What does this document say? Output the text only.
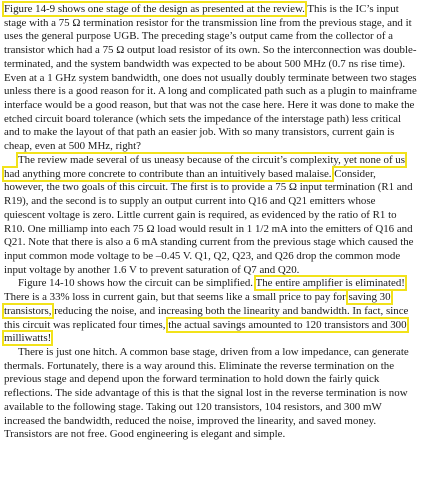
Figure 14-9 shows one stage of the design as presented at the review. This is the IC’s input stage with a 75 Ω termination resistor for the transmission line from the previous stage, and it uses the general purpose UGB. The preceding stage’s output came from the collector of a transistor which had a 75 Ω output load resistor of its own. So the interconnection was double-terminated, and the system bandwidth was expected to be about 500 MHz (0.7 ns rise time). Even at a 1 GHz system bandwidth, one does not usually doubly terminate between two stages unless there is a good reason for it. A long and complicated path such as a plugin to mainframe interface would be a good reason, but that was not the case here. Here it was done to make the etched circuit board tolerance (which sets the impedance of the interstage path) less critical and to make the layout of that path an easier job. With so many transistors, current gain is cheap, even at 500 MHz, right?

The review made several of us uneasy because of the circuit’s complexity, yet none of us had anything more concrete to contribute than an intuitively based malaise. Consider, however, the two goals of this circuit. The first is to provide a 75 Ω input termination (R1 and R19), and the second is to supply an output current into Q16 and Q21 emitters whose quiescent voltage is zero. Little current gain is required, as evidenced by the ratio of R1 to R10. One milliamp into each 75 Ω load would result in 1 1/2 mA into the emitters of Q16 and Q21. Note that there is also a 6 mA standing current from the previous stage which caused the input common mode voltage to be –0.45 V. Q1, Q2, Q23, and Q26 drop the common mode input voltage by another 1.6 V to prevent saturation of Q7 and Q20.

Figure 14-10 shows how the circuit can be simplified. The entire amplifier is eliminated! There is a 33% loss in current gain, but that seems like a small price to pay for saving 30 transistors, reducing the noise, and increasing both the linearity and bandwidth. In fact, since this circuit was replicated four times, the actual savings amounted to 120 transistors and 300 milliwatts!

There is just one hitch. A common base stage, driven from a low impedance, can generate thermals. Fortunately, there is a way around this. Eliminate the reverse termination on the previous stage and depend upon the forward termination to hold down the fairly quick reflections. The side advantage of this is that the signal lost in the reverse termination is now available to the following stage. Taking out 120 transistors, 104 resistors, and 300 mW increased the bandwidth, reduced the noise, improved the linearity, and saved money. Transistors are not free. Good engineering is elegant and simple.
